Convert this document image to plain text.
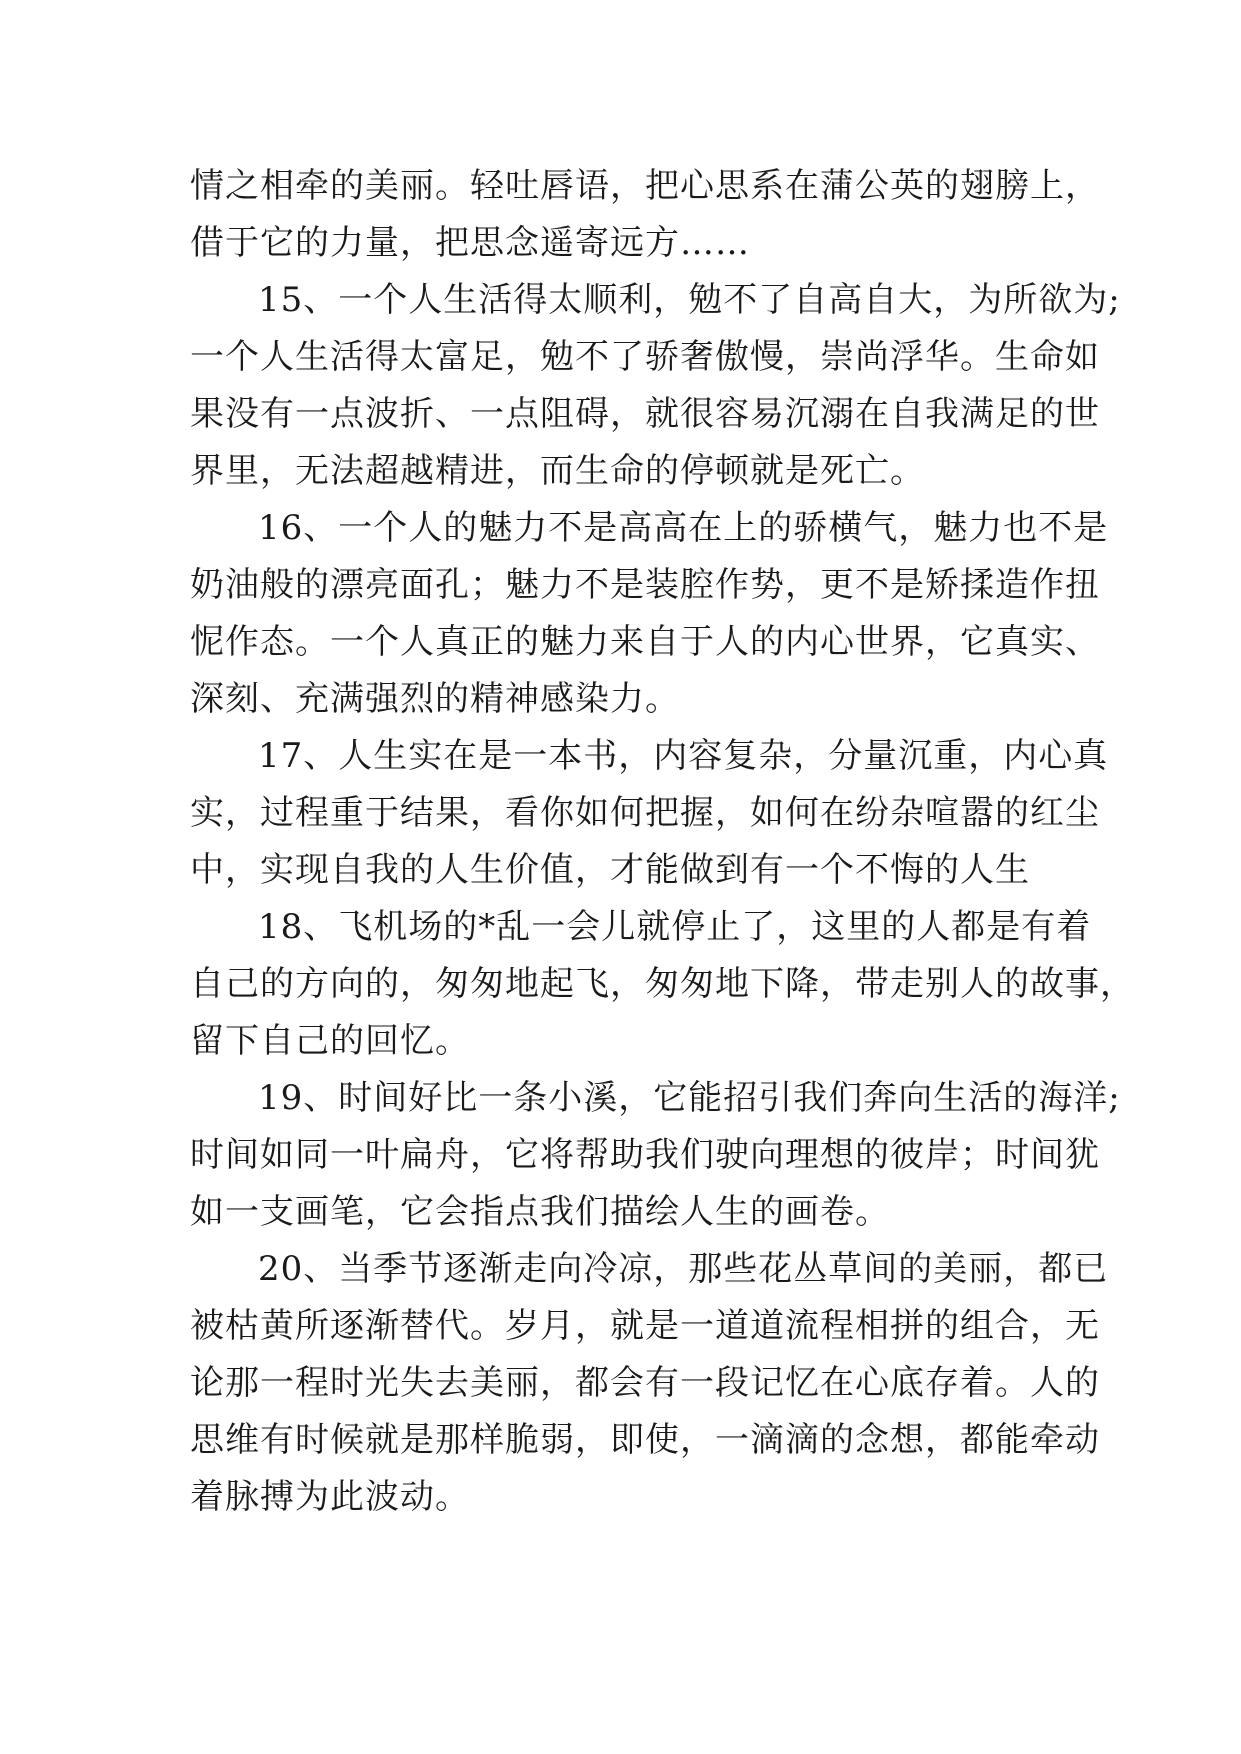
情之相牵的美丽。轻吐唇语，把心思系在蒲公英的翅膀上，
借于它的力量，把思念遥寄远方……
15、一个人生活得太顺利，勉不了自高自大，为所欲为;
一个人生活得太富足，勉不了骄奢傲慢，崇尚浮华。生命如
果没有一点波折、一点阻碍，就很容易沉溺在自我满足的世
界里，无法超越精进，而生命的停顿就是死亡。
16、一个人的魅力不是高高在上的骄横气，魅力也不是
奶油般的漂亮面孔；魅力不是装腔作势，更不是矫揉造作扭
怩作态。一个人真正的魅力来自于人的内心世界，它真实、
深刻、充满强烈的精神感染力。
17、人生实在是一本书，内容复杂，分量沉重，内心真
实，过程重于结果，看你如何把握，如何在纷杂喧嚣的红尘
中，实现自我的人生价值，才能做到有一个不悔的人生
18、飞机场的*乱一会儿就停止了，这里的人都是有着
自己的方向的，匆匆地起飞，匆匆地下降，带走别人的故事，
留下自己的回忆。
19、时间好比一条小溪，它能招引我们奔向生活的海洋;
时间如同一叶扁舟，它将帮助我们驶向理想的彼岸；时间犹
如一支画笔，它会指点我们描绘人生的画卷。
20、当季节逐渐走向冷凉，那些花丛草间的美丽，都已
被枯黄所逐渐替代。岁月，就是一道道流程相拼的组合，无
论那一程时光失去美丽，都会有一段记忆在心底存着。人的
思维有时候就是那样脆弱，即使，一滴滴的念想，都能牵动
着脉搏为此波动。
